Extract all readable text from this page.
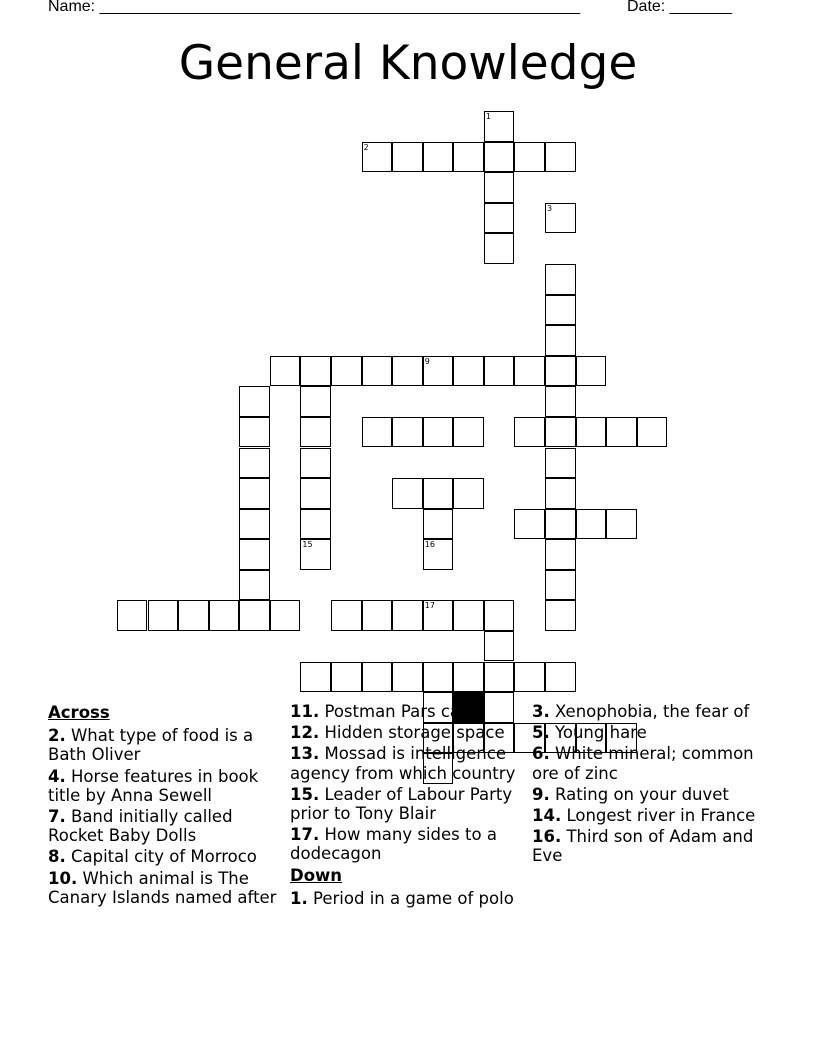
Name: ______________________________________________________	Date: _______
General Knowledge
9
15
2
1
3
16
17
Across
2. What type of food is a Bath Oliver
4. Horse features in book title by Anna Sewell
7. Band initially called Rocket Baby Dolls
8. Capital city of Morroco
10. Which animal is The Canary Islands named after
11. Postman Pars cat
12. Hidden storage space
13. Mossad is intelligence agency from which country
15. Leader of Labour Party prior to Tony Blair
17. How many sides to a dodecagon
Down
1. Period in a game of polo
3. Xenophobia, the fear of
5. Young hare
6. White mineral; common ore of zinc
9. Rating on your duvet
14. Longest river in France
16. Third son of Adam and Eve
